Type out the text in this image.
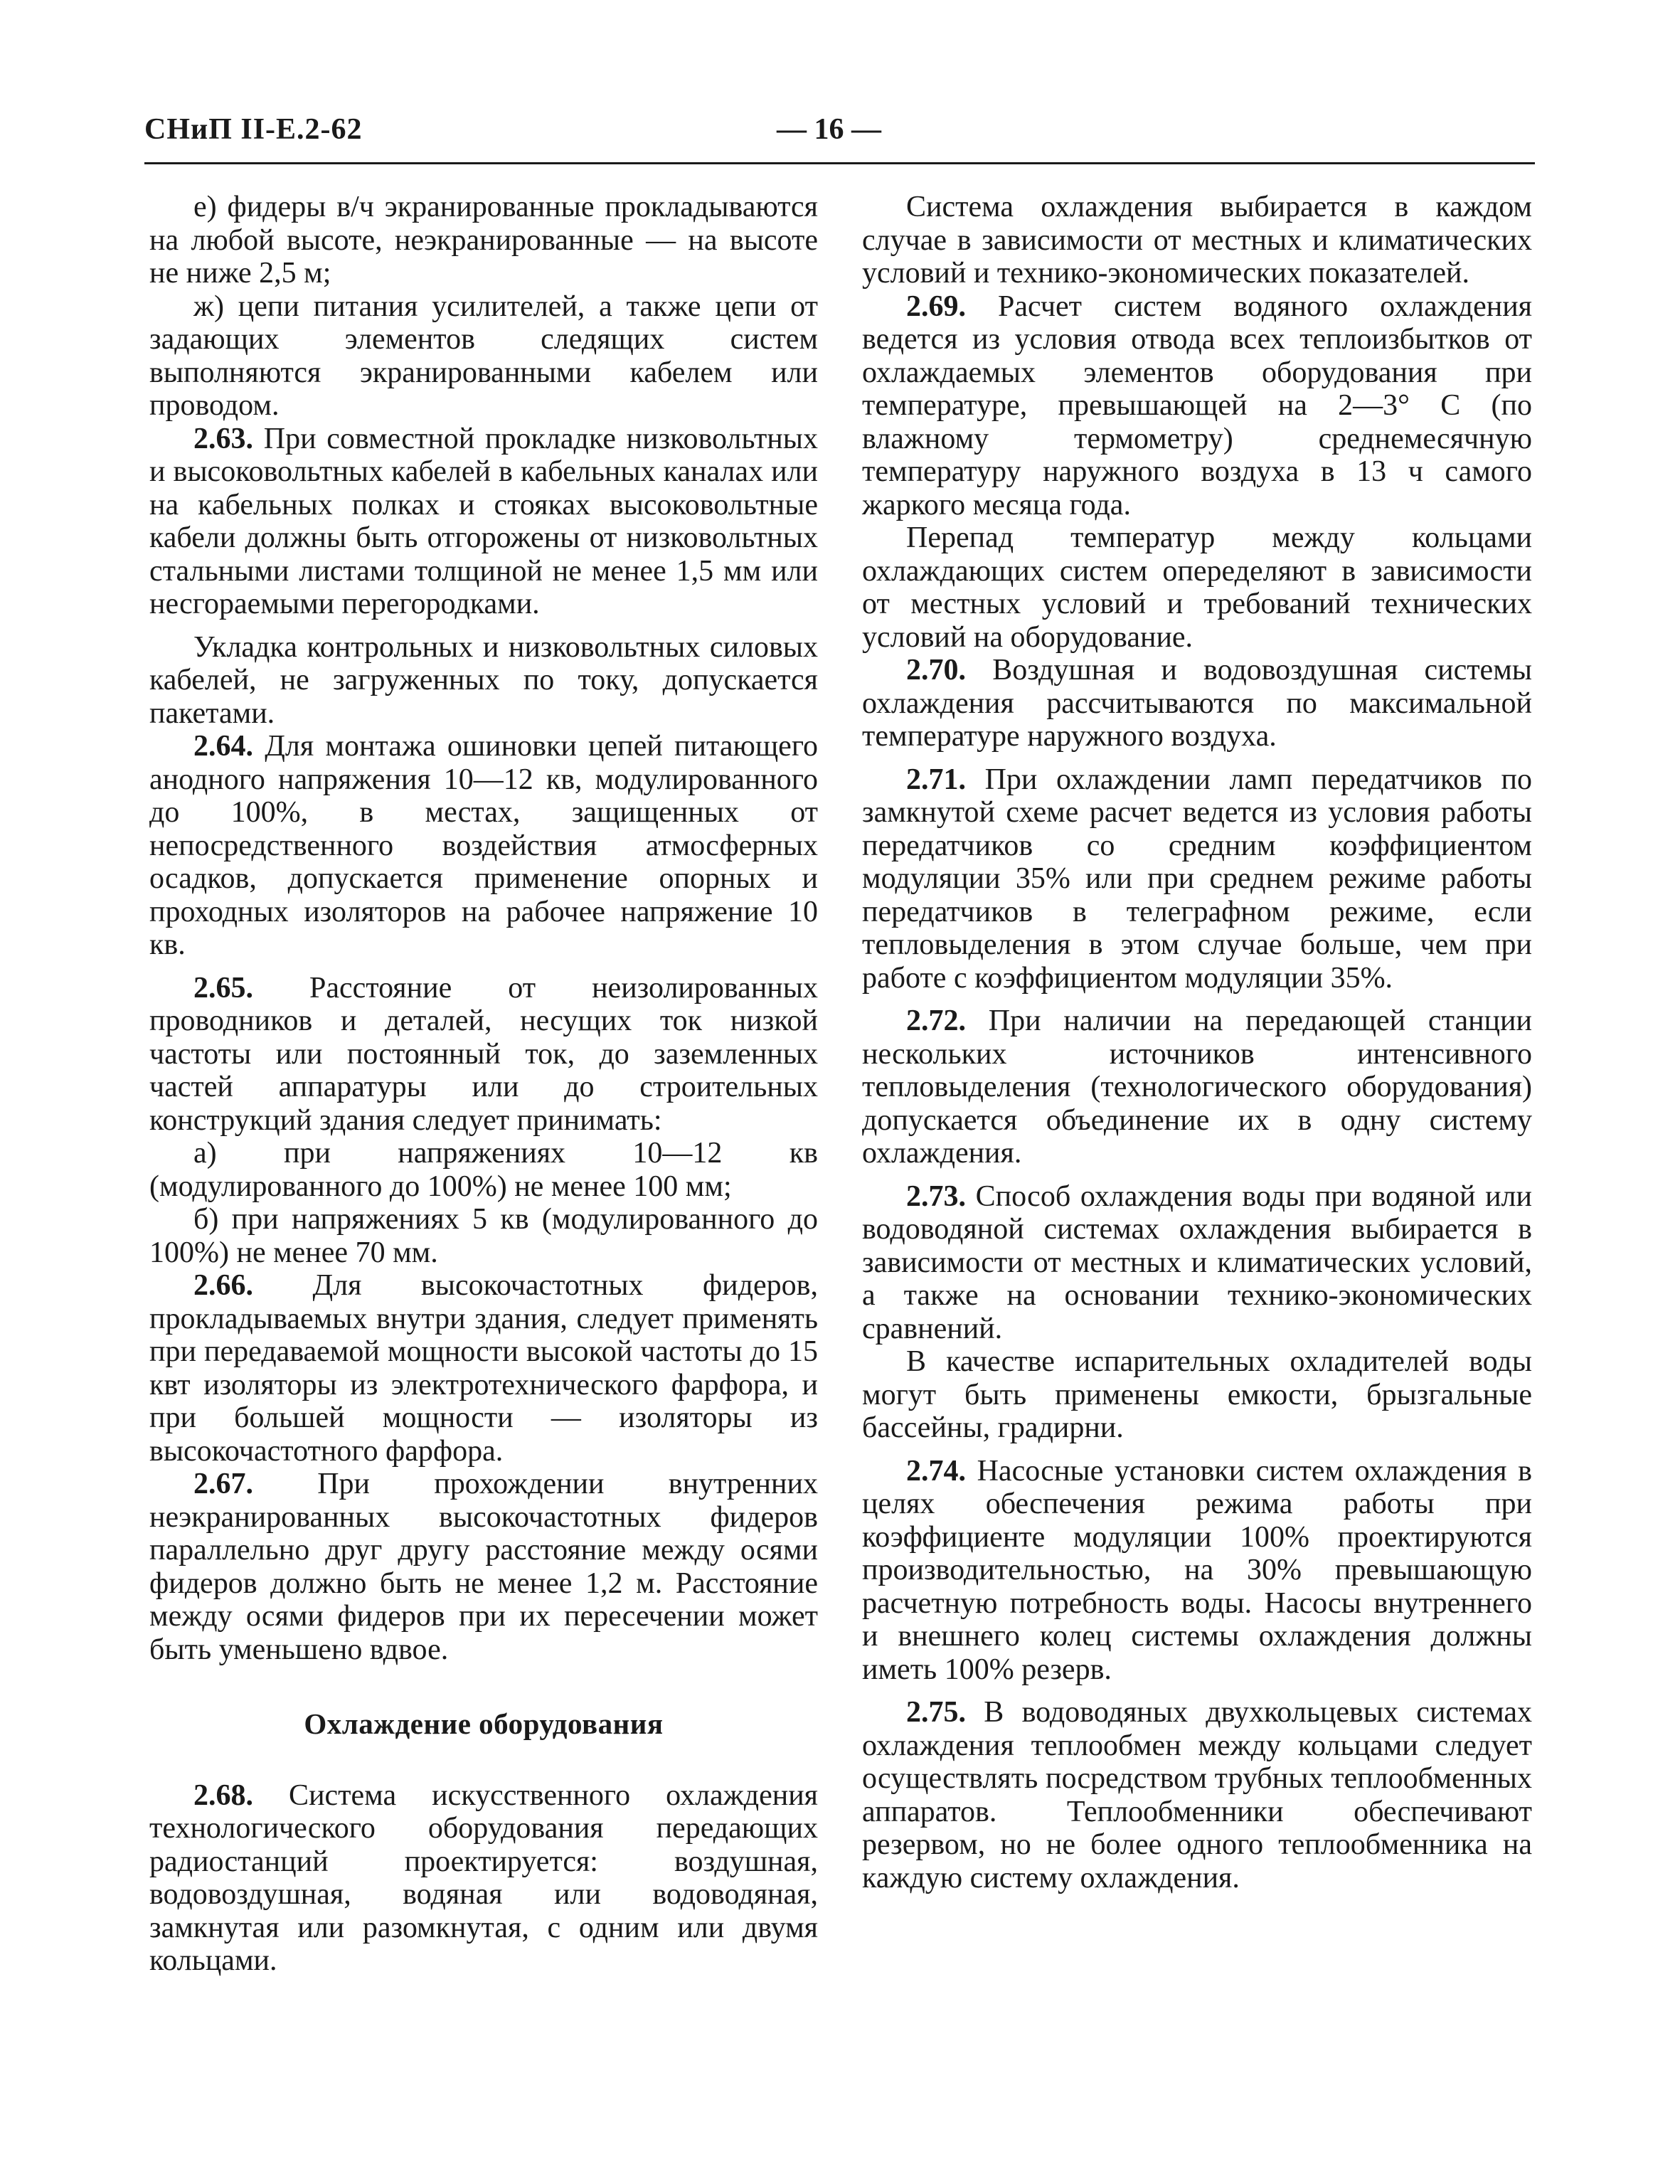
СНиП II-Е.2-62	— 16 —

е) фидеры в/ч экранированные прокладываются на любой высоте, неэкранированные — на высоте не ниже 2,5 м;

ж) цепи питания усилителей, а также цепи от задающих элементов следящих систем выполняются экранированными кабелем или проводом.

2.63. При совместной прокладке низковольтных и высоковольтных кабелей в кабельных каналах или на кабельных полках и стояках высоковольтные кабели должны быть отгорожены от низковольтных стальными листами толщиной не менее 1,5 мм или несгораемыми перегородками.

Укладка контрольных и низковольтных силовых кабелей, не загруженных по току, допускается пакетами.

2.64. Для монтажа ошиновки цепей питающего анодного напряжения 10—12 кв, модулированного до 100%, в местах, защищенных от непосредственного воздействия атмосферных осадков, допускается применение опорных и проходных изоляторов на рабочее напряжение 10 кв.

2.65. Расстояние от неизолированных проводников и деталей, несущих ток низкой частоты или постоянный ток, до заземленных частей аппаратуры или до строительных конструкций здания следует принимать:

а) при напряжениях 10—12 кв (модулированного до 100%) не менее 100 мм;

б) при напряжениях 5 кв (модулированного до 100%) не менее 70 мм.

2.66. Для высокочастотных фидеров, прокладываемых внутри здания, следует применять при передаваемой мощности высокой частоты до 15 квт изоляторы из электротехнического фарфора, и при большей мощности — изоляторы из высокочастотного фарфора.

2.67. При прохождении внутренних неэкранированных высокочастотных фидеров параллельно друг другу расстояние между осями фидеров должно быть не менее 1,2 м. Расстояние между осями фидеров при их пересечении может быть уменьшено вдвое.

Охлаждение оборудования

2.68. Система искусственного охлаждения технологического оборудования передающих радиостанций проектируется: воздушная, водовоздушная, водяная или водоводяная, замкнутая или разомкнутая, с одним или двумя кольцами.

Система охлаждения выбирается в каждом случае в зависимости от местных и климатических условий и технико-экономических показателей.

2.69. Расчет систем водяного охлаждения ведется из условия отвода всех теплоизбытков от охлаждаемых элементов оборудования при температуре, превышающей на 2—3° С (по влажному термометру) среднемесячную температуру наружного воздуха в 13 ч самого жаркого месяца года.

Перепад температур между кольцами охлаждающих систем опеределяют в зависимости от местных условий и требований технических условий на оборудование.

2.70. Воздушная и водовоздушная системы охлаждения рассчитываются по максимальной температуре наружного воздуха.

2.71. При охлаждении ламп передатчиков по замкнутой схеме расчет ведется из условия работы передатчиков со средним коэффициентом модуляции 35% или при среднем режиме работы передатчиков в телеграфном режиме, если тепловыделения в этом случае больше, чем при работе с коэффициентом модуляции 35%.

2.72. При наличии на передающей станции нескольких источников интенсивного тепловыделения (технологического оборудования) допускается объединение их в одну систему охлаждения.

2.73. Способ охлаждения воды при водяной или водоводяной системах охлаждения выбирается в зависимости от местных и климатических условий, а также на основании технико-экономических сравнений.

В качестве испарительных охладителей воды могут быть применены емкости, брызгальные бассейны, градирни.

2.74. Насосные установки систем охлаждения в целях обеспечения режима работы при коэффициенте модуляции 100% проектируются производительностью, на 30% превышающую расчетную потребность воды. Насосы внутреннего и внешнего колец системы охлаждения должны иметь 100% резерв.

2.75. В водоводяных двухкольцевых системах охлаждения теплообмен между кольцами следует осуществлять посредством трубных теплообменных аппаратов. Теплообменники обеспечивают резервом, но не более одного теплообменника на каждую систему охлаждения.
